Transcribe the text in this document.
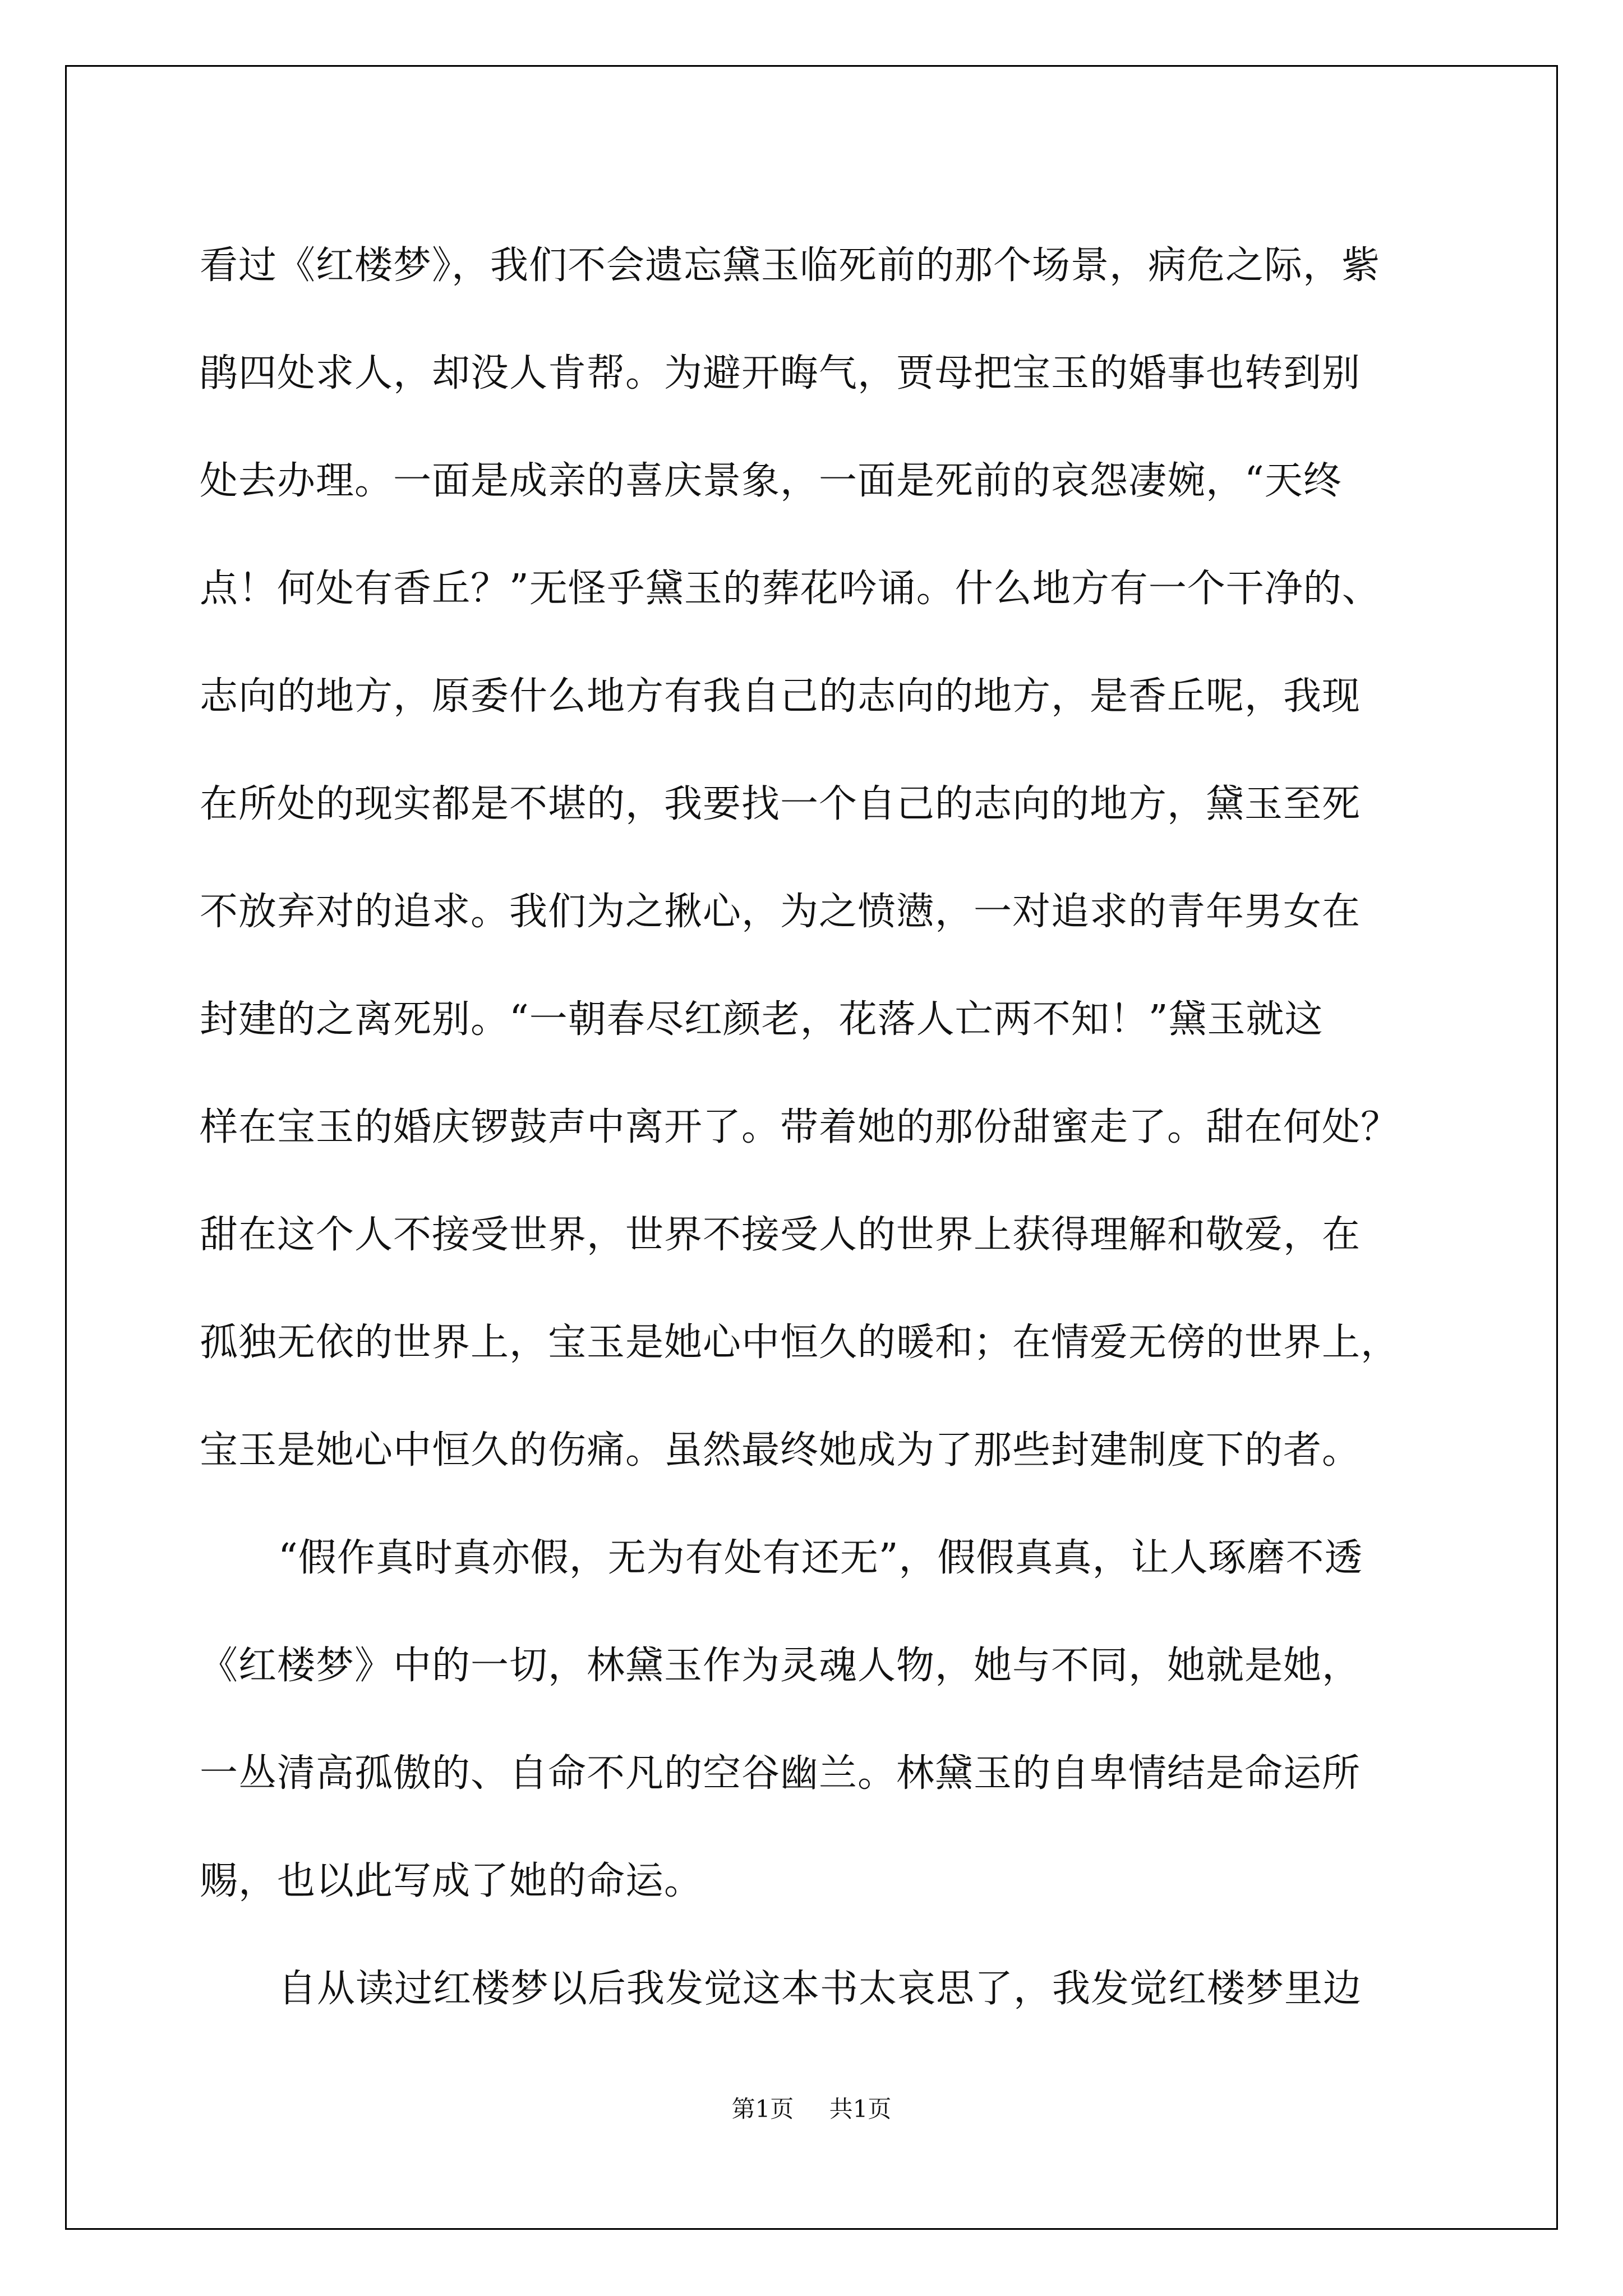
看过《红楼梦》，我们不会遗忘黛玉临死前的那个场景，病危之际，紫
鹃四处求人，却没人肯帮。为避开晦气，贾母把宝玉的婚事也转到别
处去办理。一面是成亲的喜庆景象，一面是死前的哀怨凄婉，“天终
点！何处有香丘？”无怪乎黛玉的葬花吟诵。什么地方有一个干净的、
志向的地方，原委什么地方有我自己的志向的地方，是香丘呢，我现
在所处的现实都是不堪的，我要找一个自己的志向的地方，黛玉至死
不放弃对的追求。我们为之揪心，为之愤懑，一对追求的青年男女在
封建的之离死别。“一朝春尽红颜老，花落人亡两不知！”黛玉就这
样在宝玉的婚庆锣鼓声中离开了。带着她的那份甜蜜走了。甜在何处？
甜在这个人不接受世界，世界不接受人的世界上获得理解和敬爱，在
孤独无依的世界上，宝玉是她心中恒久的暖和；在情爱无傍的世界上，
宝玉是她心中恒久的伤痛。虽然最终她成为了那些封建制度下的者。
“假作真时真亦假，无为有处有还无”，假假真真，让人琢磨不透
《红楼梦》中的一切，林黛玉作为灵魂人物，她与不同，她就是她，
一丛清高孤傲的、自命不凡的空谷幽兰。林黛玉的自卑情结是命运所
赐，也以此写成了她的命运。
自从读过红楼梦以后我发觉这本书太哀思了，我发觉红楼梦里边
第1页 共1页
